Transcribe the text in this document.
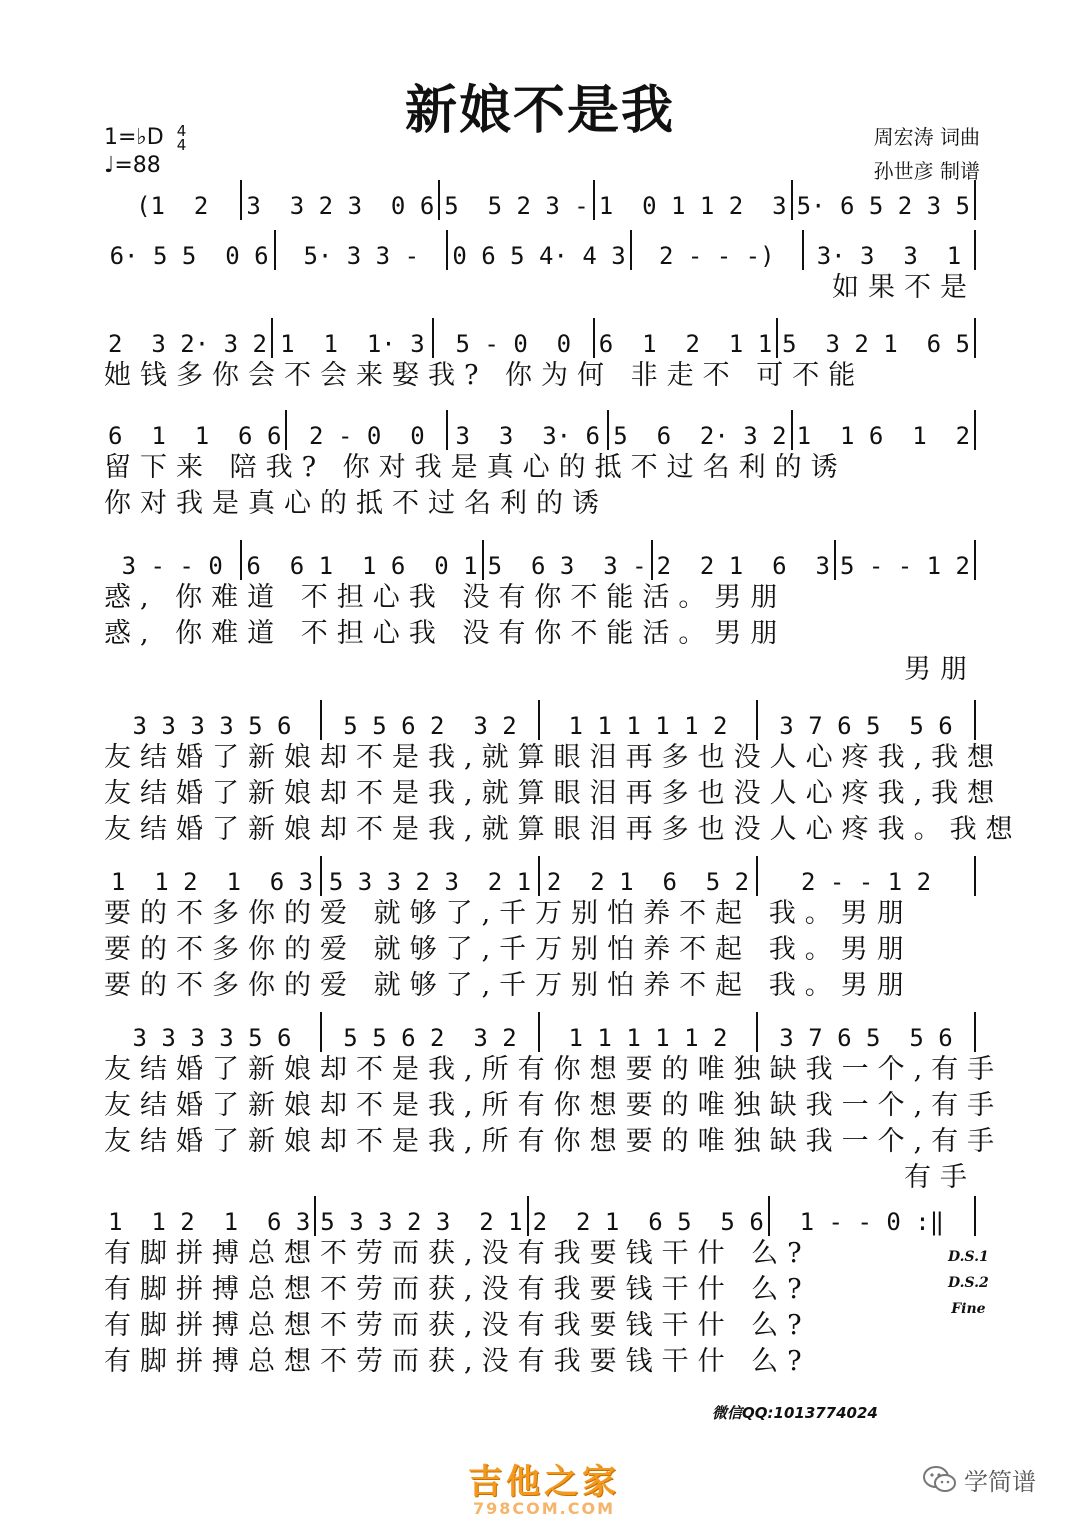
新娘不是我
1=♭D 4
4
♩=88
周宏涛 词曲
孙世彦 制谱
(1  2 3  3 2 3  0 6 5  5 2 3 - 1  0 1 1 2  3 5· 6 5 2 3 5
6· 5 5  0 6 5· 3 3 - 0 6 5 4· 4 3 2 - - -) 3· 3  3  1
如果不是
2  3 2· 3 2 1  1  1· 3 5 - 0  0 6  1  2  1 1 5  3 2 1  6 5
她钱多你会不会来娶我? 你为何 非走不 可不能
6  1  1  6 6 2 - 0  0 3  3  3· 6 5  6  2· 3 2 1  1 6  1  2
留下来 陪我? 你对我是真心的抵不过名利的诱
你对我是真心的抵不过名利的诱
3 - - 0 6  6 1  1 6  0 1 5  6 3  3 - 2  2 1  6  3 5 - - 1 2
惑, 你难道 不担心我 没有你不能活。男朋
惑, 你难道 不担心我 没有你不能活。男朋
男朋
3 3 3 3 5 6 5 5 6 2  3 2 1 1 1 1 1 2 3 7 6 5  5 6
友结婚了新娘却不是我,就算眼泪再多也没人心疼我,我想
友结婚了新娘却不是我,就算眼泪再多也没人心疼我,我想
友结婚了新娘却不是我,就算眼泪再多也没人心疼我。我想
1  1 2  1  6 3 5 3 3 2 3  2 1 2  2 1  6  5 2 2 - - 1 2
要的不多你的爱 就够了,千万别怕养不起 我。男朋
要的不多你的爱 就够了,千万别怕养不起 我。男朋
要的不多你的爱 就够了,千万别怕养不起 我。男朋
3 3 3 3 5 6 5 5 6 2  3 2 1 1 1 1 1 2 3 7 6 5  5 6
友结婚了新娘却不是我,所有你想要的唯独缺我一个,有手
友结婚了新娘却不是我,所有你想要的唯独缺我一个,有手
友结婚了新娘却不是我,所有你想要的唯独缺我一个,有手
有手
1  1 2  1  6 3 5 3 3 2 3  2 1 2  2 1  6 5  5 6 1 - - 0 :‖
有脚拼搏总想不劳而获,没有我要钱干什 么?
有脚拼搏总想不劳而获,没有我要钱干什 么?
有脚拼搏总想不劳而获,没有我要钱干什 么?
有脚拼搏总想不劳而获,没有我要钱干什 么?
D.S.1
D.S.2
Fine
微信QQ:1013774024
吉他之家
798COM.COM
学简谱
